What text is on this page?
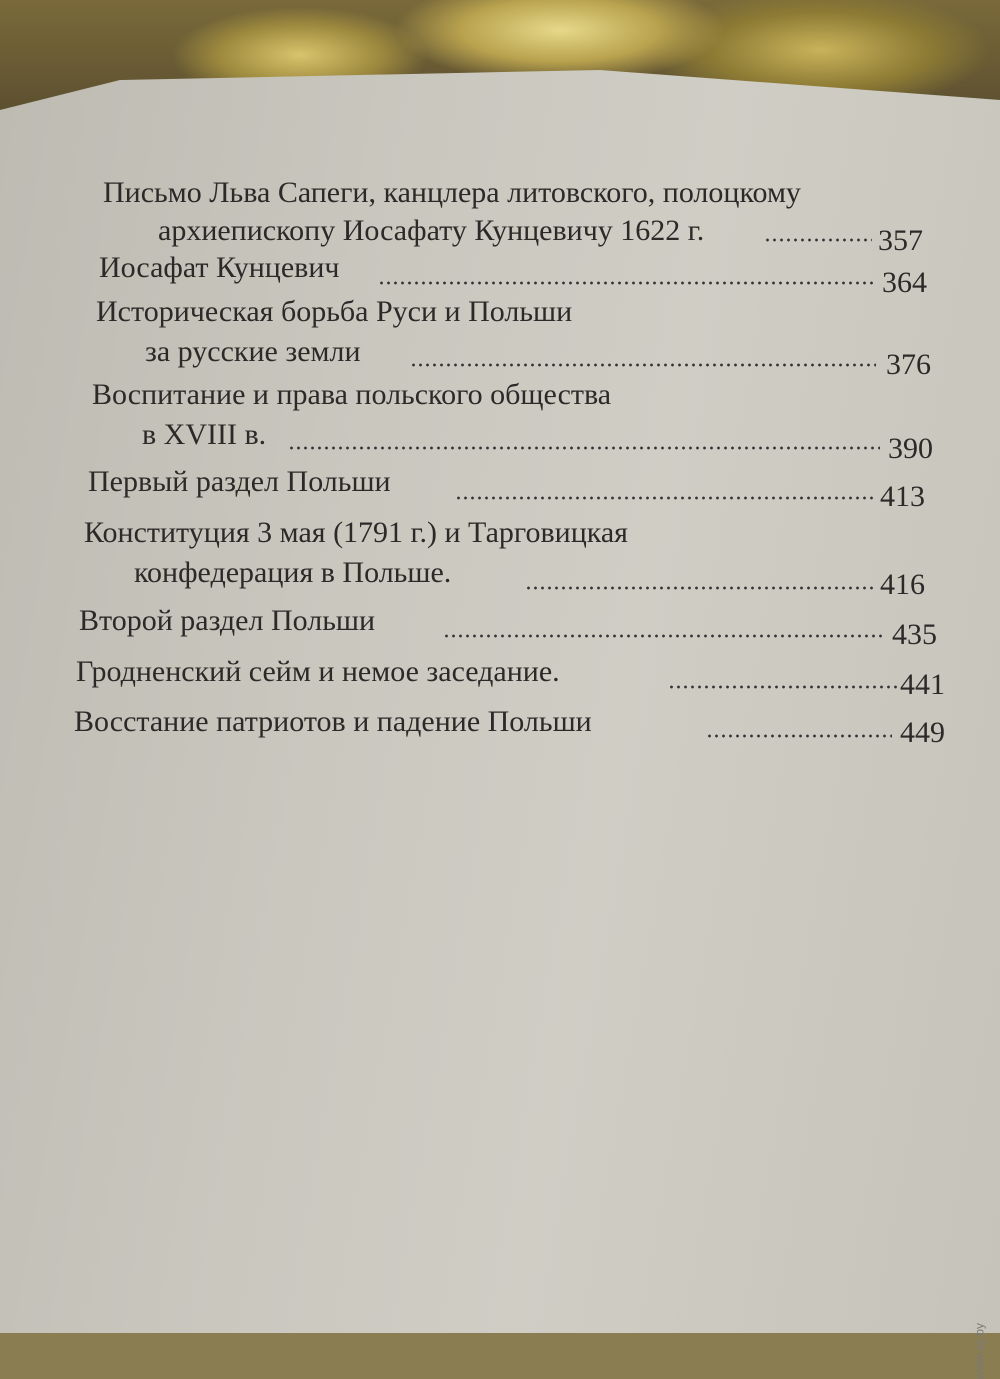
Письмо Льва Сапеги, канцлера литовского, полоцкому
архиепископу Иосафату Кунцевичу 1622 г.	357
Иосафат Кунцевич	364
Историческая борьба Руси и Польши
за русские земли	376
Воспитание и права польского общества
в XVIII в.	390
Первый раздел Польши	413
Конституция 3 мая (1791 г.) и Тарговицкая
конфедерация в Польше.	416
Второй раздел Польши	435
Гродненский сейм и немое заседание.	441
Восстание патриотов и падение Польши	449
www.ay.by
